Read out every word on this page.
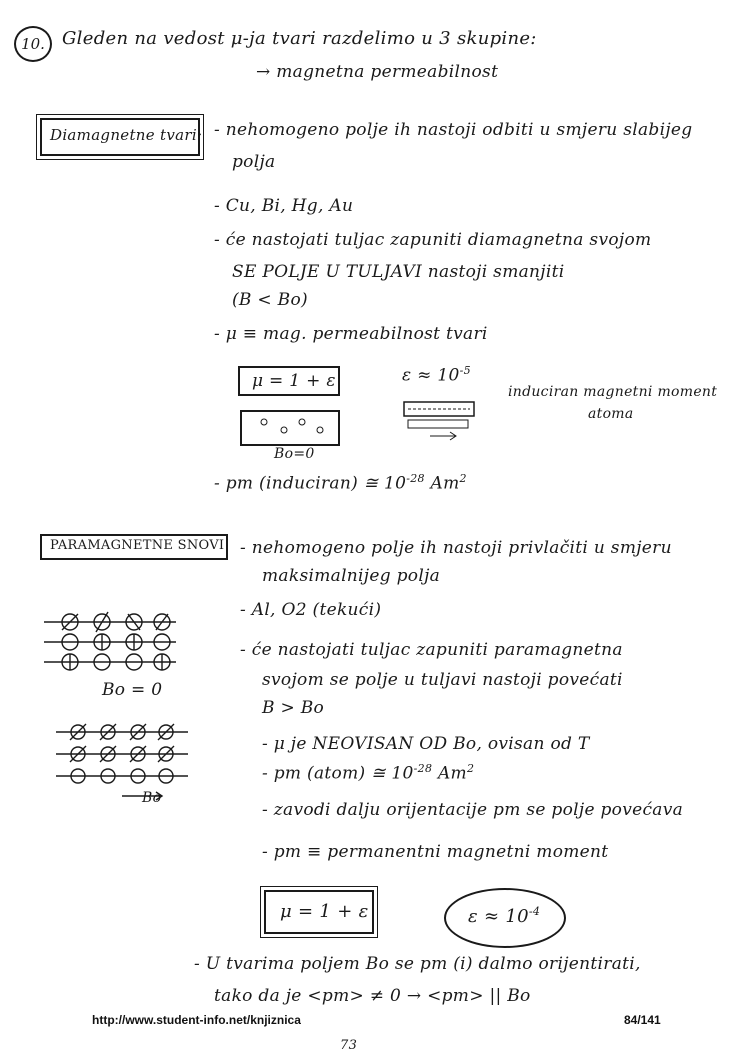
10. Gleden na vedost μ-ja tvari razdelimo u 3 skupine:
→ magnetna permeabilnost
Diamagnetne tvari: - nehomogeno polje ih nastoji odbiti u smjeru slabijeg
polja
- Cu, Bi, Hg, Au
- će nastojati tuljac zapuniti diamagnetna svojom
SE POLJE U TULJAVI nastoji smanjiti
(B < Bo)
- μ ≡ mag. permeabilnost tvari
μ = 1 + ε	$\varepsilon \approx 10^{-5}$
Bo=0
induciran magnetni moment
atoma
- pm (induciran) ≅ $10^{-28}$ Am$^2$
PARAMAGNETNE SNOVI - nehomogeno polje ih nastoji privlačiti u smjeru
maksimalnijeg polja
- Al, O2 (tekući)
- će nastojati tuljac zapuniti paramagnetna
svojom se polje u tuljavi nastoji povećati
B > Bo
Bo = 0
Bo
- μ je NEOVISAN OD Bo, ovisan od T
- pm (atom) ≅ $10^{-28}$ Am$^2$
- zavodi dalju orijentacije pm se polje povećava
- pm ≡ permanentni magnetni moment
μ = 1 + ε	$\varepsilon \approx 10^{-4}$
- U tvarima poljem Bo se pm (i) dalmo orijentirati,
tako da je <pm> ≠ 0 → <pm> || Bo
http://www.student-info.net/knjiznica	84/141
73
